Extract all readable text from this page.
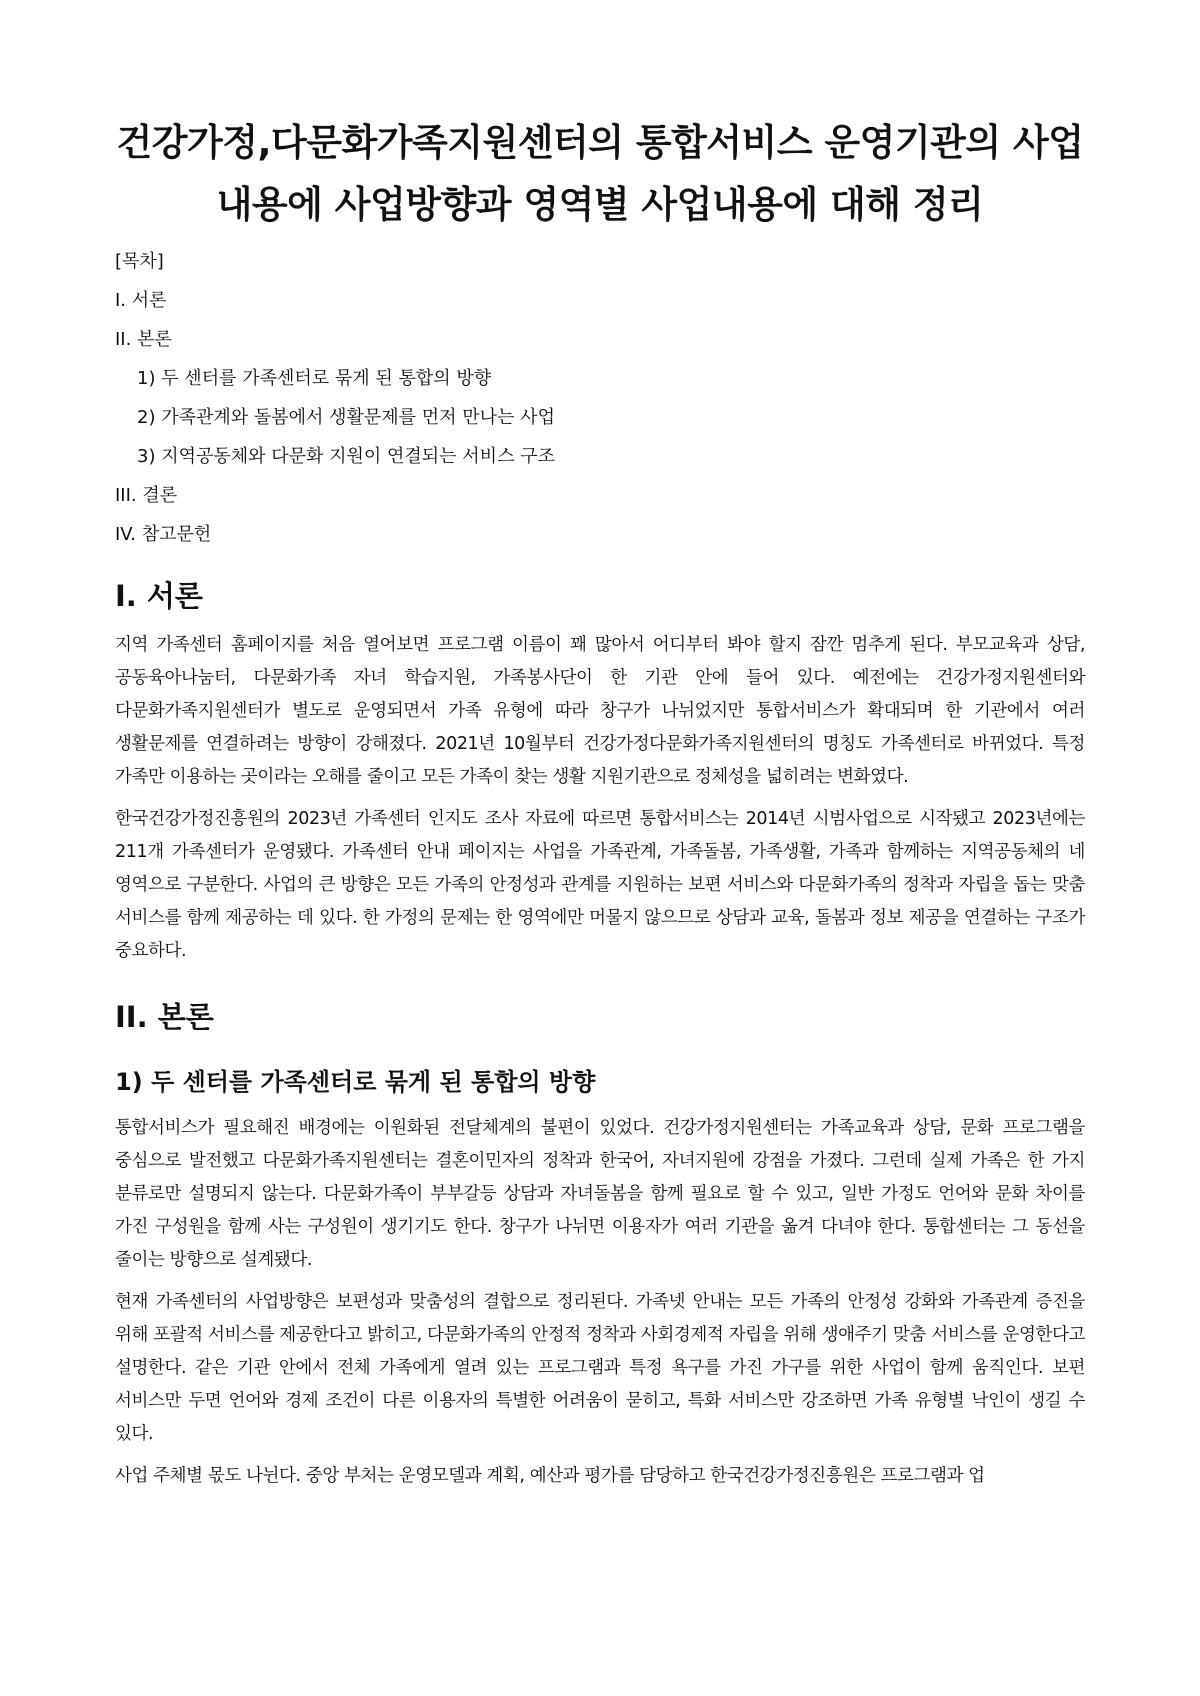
건강가정,다문화가족지원센터의 통합서비스 운영기관의 사업내용에 사업방향과 영역별 사업내용에 대해 정리
[목차]
I. 서론
II. 본론
1) 두 센터를 가족센터로 묶게 된 통합의 방향
2) 가족관계와 돌봄에서 생활문제를 먼저 만나는 사업
3) 지역공동체와 다문화 지원이 연결되는 서비스 구조
III. 결론
IV. 참고문헌
I. 서론

지역 가족센터 홈페이지를 처음 열어보면 프로그램 이름이 꽤 많아서 어디부터 봐야 할지 잠깐 멈추게 된다. 부모교육과 상담, 공동육아나눔터, 다문화가족 자녀 학습지원, 가족봉사단이 한 기관 안에 들어 있다. 예전에는 건강가정지원센터와 다문화가족지원센터가 별도로 운영되면서 가족 유형에 따라 창구가 나뉘었지만 통합서비스가 확대되며 한 기관에서 여러 생활문제를 연결하려는 방향이 강해졌다. 2021년 10월부터 건강가정다문화가족지원센터의 명칭도 가족센터로 바뀌었다. 특정 가족만 이용하는 곳이라는 오해를 줄이고 모든 가족이 찾는 생활 지원기관으로 정체성을 넓히려는 변화였다.

한국건강가정진흥원의 2023년 가족센터 인지도 조사 자료에 따르면 통합서비스는 2014년 시범사업으로 시작됐고 2023년에는 211개 가족센터가 운영됐다. 가족센터 안내 페이지는 사업을 가족관계, 가족돌봄, 가족생활, 가족과 함께하는 지역공동체의 네 영역으로 구분한다. 사업의 큰 방향은 모든 가족의 안정성과 관계를 지원하는 보편 서비스와 다문화가족의 정착과 자립을 돕는 맞춤 서비스를 함께 제공하는 데 있다. 한 가정의 문제는 한 영역에만 머물지 않으므로 상담과 교육, 돌봄과 정보 제공을 연결하는 구조가 중요하다.

II. 본론
1) 두 센터를 가족센터로 묶게 된 통합의 방향

통합서비스가 필요해진 배경에는 이원화된 전달체계의 불편이 있었다. 건강가정지원센터는 가족교육과 상담, 문화 프로그램을 중심으로 발전했고 다문화가족지원센터는 결혼이민자의 정착과 한국어, 자녀지원에 강점을 가졌다. 그런데 실제 가족은 한 가지 분류로만 설명되지 않는다. 다문화가족이 부부갈등 상담과 자녀돌봄을 함께 필요로 할 수 있고, 일반 가정도 언어와 문화 차이를 가진 구성원을 함께 사는 구성원이 생기기도 한다. 창구가 나뉘면 이용자가 여러 기관을 옮겨 다녀야 한다. 통합센터는 그 동선을 줄이는 방향으로 설계됐다.

현재 가족센터의 사업방향은 보편성과 맞춤성의 결합으로 정리된다. 가족넷 안내는 모든 가족의 안정성 강화와 가족관계 증진을 위해 포괄적 서비스를 제공한다고 밝히고, 다문화가족의 안정적 정착과 사회경제적 자립을 위해 생애주기 맞춤 서비스를 운영한다고 설명한다. 같은 기관 안에서 전체 가족에게 열려 있는 프로그램과 특정 욕구를 가진 가구를 위한 사업이 함께 움직인다. 보편 서비스만 두면 언어와 경제 조건이 다른 이용자의 특별한 어려움이 묻히고, 특화 서비스만 강조하면 가족 유형별 낙인이 생길 수 있다.

사업 주체별 몫도 나뉜다. 중앙 부처는 운영모델과 계획, 예산과 평가를 담당하고 한국건강가정진흥원은 프로그램과 업
